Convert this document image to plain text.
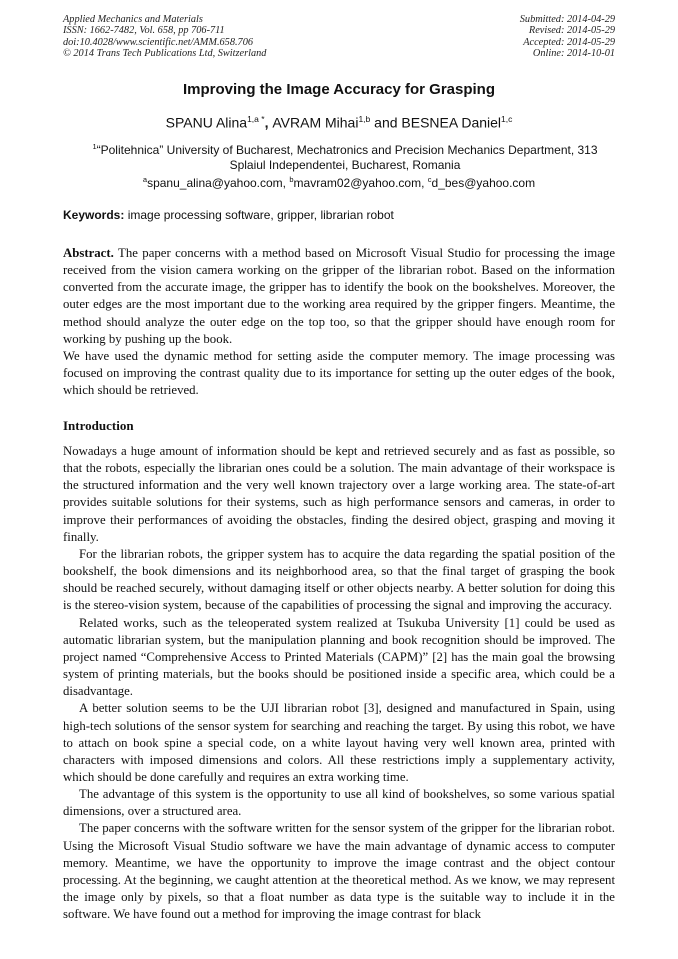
Applied Mechanics and Materials
ISSN: 1662-7482, Vol. 658, pp 706-711
doi:10.4028/www.scientific.net/AMM.658.706
© 2014 Trans Tech Publications Ltd, Switzerland
Submitted: 2014-04-29
Revised: 2014-05-29
Accepted: 2014-05-29
Online: 2014-10-01
Improving the Image Accuracy for Grasping
SPANU Alina$^{1,a *}$, AVRAM Mihai$^{1,b}$ and BESNEA Daniel$^{1,c}$
$^1$“Politehnica” University of Bucharest, Mechatronics and Precision Mechanics Department, 313 Splaiul Independentei, Bucharest, Romania
$^a$spanu_alina@yahoo.com, $^b$mavram02@yahoo.com, $^c$d_bes@yahoo.com
Keywords: image processing software, gripper, librarian robot

Abstract. The paper concerns with a method based on Microsoft Visual Studio for processing the image received from the vision camera working on the gripper of the librarian robot. Based on the information converted from the accurate image, the gripper has to identify the book on the bookshelves. Moreover, the outer edges are the most important due to the working area required by the gripper fingers. Meantime, the method should analyze the outer edge on the top too, so that the gripper should have enough room for working by pushing up the book.

We have used the dynamic method for setting aside the computer memory. The image processing was focused on improving the contrast quality due to its importance for setting up the outer edges of the book, which should be retrieved.

Introduction

Nowadays a huge amount of information should be kept and retrieved securely and as fast as possible, so that the robots, especially the librarian ones could be a solution. The main advantage of their workspace is the structured information and the very well known trajectory over a large working area. The state-of-art provides suitable solutions for their systems, such as high performance sensors and cameras, in order to improve their performances of avoiding the obstacles, finding the desired object, grasping and moving it finally.

For the librarian robots, the gripper system has to acquire the data regarding the spatial position of the bookshelf, the book dimensions and its neighborhood area, so that the final target of grasping the book should be reached securely, without damaging itself or other objects nearby. A better solution for doing this is the stereo-vision system, because of the capabilities of processing the signal and improving the accuracy.

Related works, such as the teleoperated system realized at Tsukuba University [1] could be used as automatic librarian system, but the manipulation planning and book recognition should be improved. The project named “Comprehensive Access to Printed Materials (CAPM)” [2] has the main goal the browsing system of printing materials, but the books should be positioned inside a specific area, which could be a disadvantage.

A better solution seems to be the UJI librarian robot [3], designed and manufactured in Spain, using high-tech solutions of the sensor system for searching and reaching the target. By using this robot, we have to attach on book spine a special code, on a white layout having very well known area, printed with characters with imposed dimensions and colors. All these restrictions imply a supplementary activity, which should be done carefully and requires an extra working time.

The advantage of this system is the opportunity to use all kind of bookshelves, so some various spatial dimensions, over a structured area.

The paper concerns with the software written for the sensor system of the gripper for the librarian robot. Using the Microsoft Visual Studio software we have the main advantage of dynamic access to computer memory. Meantime, we have the opportunity to improve the image contrast and the object contour processing. At the beginning, we caught attention at the theoretical method. As we know, we may represent the image only by pixels, so that a float number as data type is the suitable way to include it in the software. We have found out a method for improving the image contrast for black
